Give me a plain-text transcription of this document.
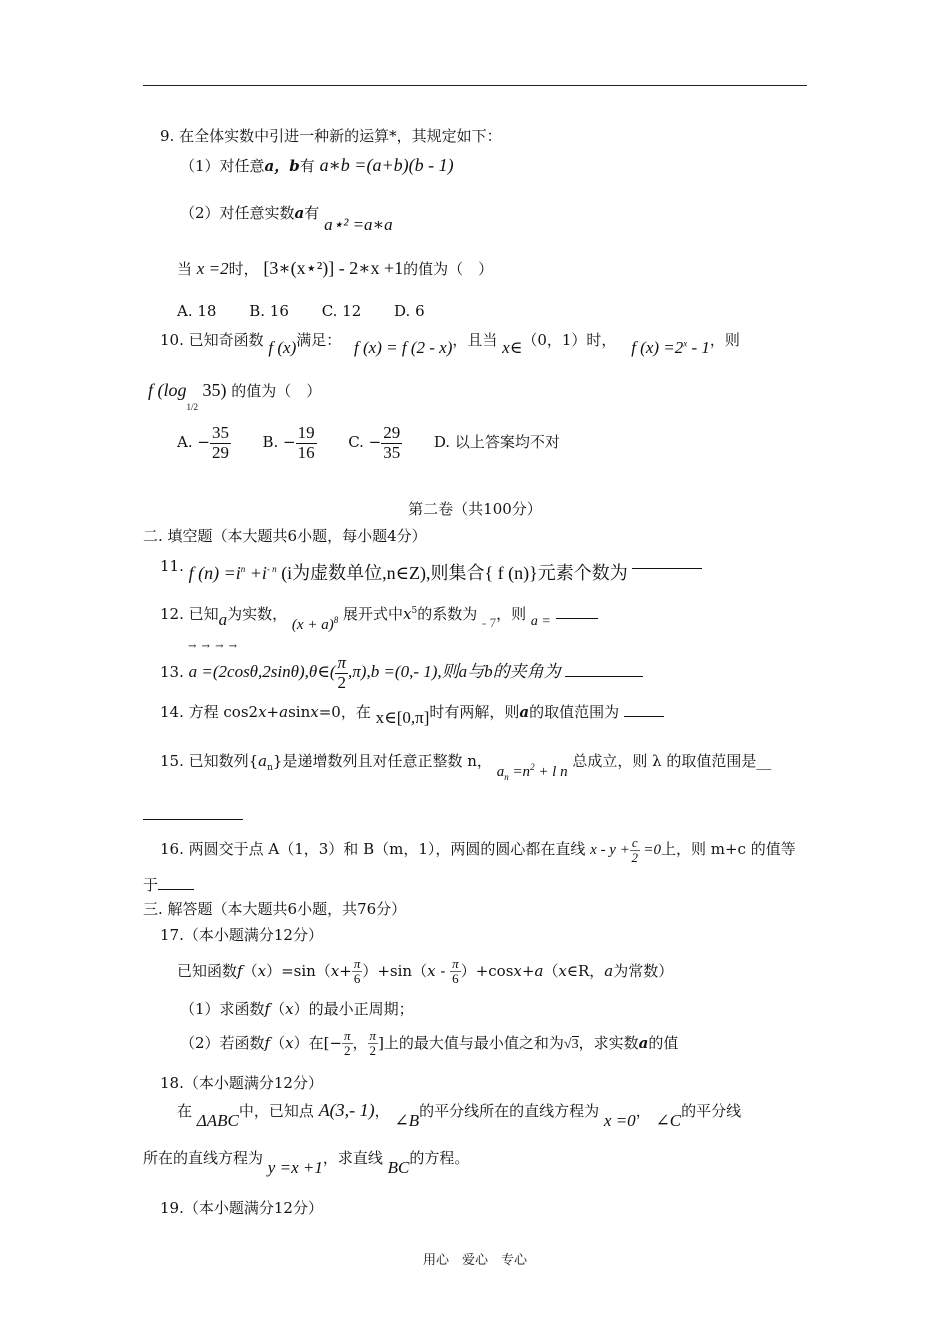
9. 在全体实数中引进一种新的运算*，其规定如下：
（1）对任意a，b有 a∗b =(a+b)(b - 1)
（2）对任意实数a有 a⋆² =a∗a
当 x =2时， [3∗(x⋆²)] - 2∗x +1的值为（　）
A. 18 B. 16 C. 12 D. 6
10. 已知奇函数 f (x)满足： f (x) = f (2 - x)，且当 x∈（0，1）时， f $(x) =2^x - 1$，则
f ($\log_{1/2}$ 35) 的值为（　）
A. − $\frac{35}{29} B$. − $\frac{19}{16} C$. − $\frac{29}{35} D$. 以上答案均不对
第二卷（共100分）
二. 填空题（本大题共6小题，每小题4分）
11. f $(n) =i^n +i^{- n}$ (i为虚数单位,n∈Z),则集合{ f (n)}元素个数为
12. 已知a为实数， $(x + a)^8$ 展开式中$x^5$的系数为 - 7，则 a =
→ → → →
13. a =(2cosθ,2sinθ),θ∈( $\frac{\pi}{2} ,\pi),b =(0,-$ 1),则a与b的夹角为
14. 方程 cos2x+asinx=0，在 x∈[0,π]时有两解，则a的取值范围为
15. 已知数列$\{a_n\}$是递增数列且对任意正整数 n， $a_n =n^2 + l$ n 总成立，则 λ 的取值范围是__
16. 两圆交于点 A（1，3）和 B（m，1），两圆的圆心都在直线 $x - y + \frac{c}{2} =0$上，则 m+c 的值等
于
三. 解答题（本大题共6小题，共76分）
17.（本小题满分12分）
已知函数$f(x)=\sin(x+ \frac{\pi}{6} )+\sin(x - \frac{\pi}{6}$ ）+cosx+a（x∈R，a为常数）
（1）求函数f（x）的最小正周期；
（2）若函数f（x）在[− $\frac{\pi}{2}$ ， $\frac{\pi}{2}$ ]上的最大值与最小值之和为√3，求实数a的值
18.（本小题满分12分）
在 ΔABC中，已知点 A(3,- 1)， ∠B的平分线所在的直线方程为 x =0， ∠C的平分线
所在的直线方程为 y =x +1，求直线 BC的方程。
19.（本小题满分12分）
用心　爱心　专心
